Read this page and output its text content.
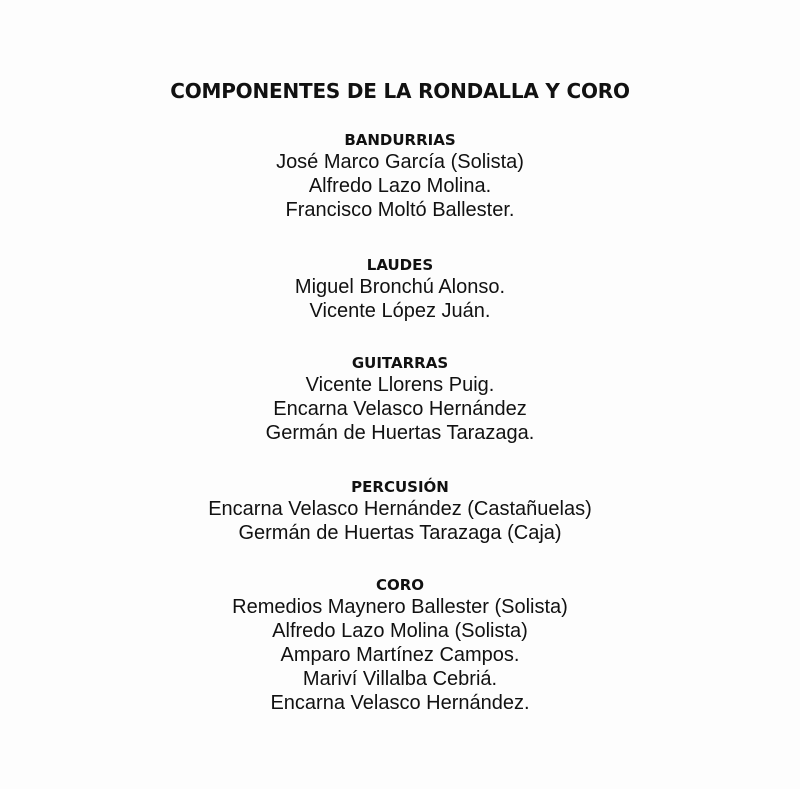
COMPONENTES DE LA RONDALLA Y CORO
BANDURRIAS
José Marco García (Solista)
Alfredo Lazo Molina.
Francisco Moltó Ballester.
LAUDES
Miguel Bronchú Alonso.
Vicente López Juán.
GUITARRAS
Vicente Llorens Puig.
Encarna Velasco Hernández
Germán de Huertas Tarazaga.
PERCUSIÓN
Encarna Velasco Hernández (Castañuelas)
Germán de Huertas Tarazaga (Caja)
CORO
Remedios Maynero Ballester (Solista)
Alfredo Lazo Molina (Solista)
Amparo Martínez Campos.
Mariví Villalba Cebriá.
Encarna Velasco Hernández.
